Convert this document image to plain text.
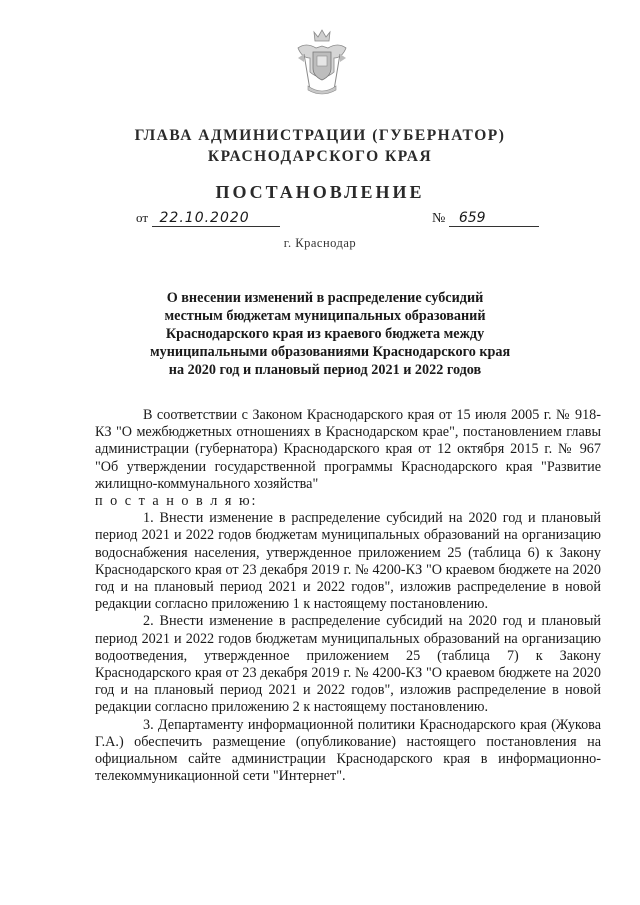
ГЛАВА АДМИНИСТРАЦИИ (ГУБЕРНАТОР)
КРАСНОДАРСКОГО КРАЯ
ПОСТАНОВЛЕНИЕ
от 22.10.2020	№ 659
г. Краснодар
О внесении изменений в распределение субсидий
местным бюджетам муниципальных образований
Краснодарского края из краевого бюджета между
муниципальными образованиями Краснодарского края
на 2020 год и плановый период 2021 и 2022 годов

В соответствии с Законом Краснодарского края от 15 июля 2005 г. № 918-КЗ "О межбюджетных отношениях в Краснодарском крае", постановлением главы администрации (губернатора) Краснодарского края от 12 октября 2015 г. № 967 "Об утверждении государственной программы Краснодарского края "Развитие жилищно-коммунального хозяйства"

п о с т а н о в л я ю:

1. Внести изменение в распределение субсидий на 2020 год и плановый период 2021 и 2022 годов бюджетам муниципальных образований на организацию водоснабжения населения, утвержденное приложением 25 (таблица 6) к Закону Краснодарского края от 23 декабря 2019 г. № 4200-КЗ "О краевом бюджете на 2020 год и на плановый период 2021 и 2022 годов", изложив распределение в новой редакции согласно приложению 1 к настоящему постановлению.

2. Внести изменение в распределение субсидий на 2020 год и плановый период 2021 и 2022 годов бюджетам муниципальных образований на организацию водоотведения, утвержденное приложением 25 (таблица 7) к Закону Краснодарского края от 23 декабря 2019 г. № 4200-КЗ "О краевом бюджете на 2020 год и на плановый период 2021 и 2022 годов", изложив распределение в новой редакции согласно приложению 2 к настоящему постановлению.

3. Департаменту информационной политики Краснодарского края (Жукова Г.А.) обеспечить размещение (опубликование) настоящего постановления на официальном сайте администрации Краснодарского края в информационно-телекоммуникационной сети "Интернет".
